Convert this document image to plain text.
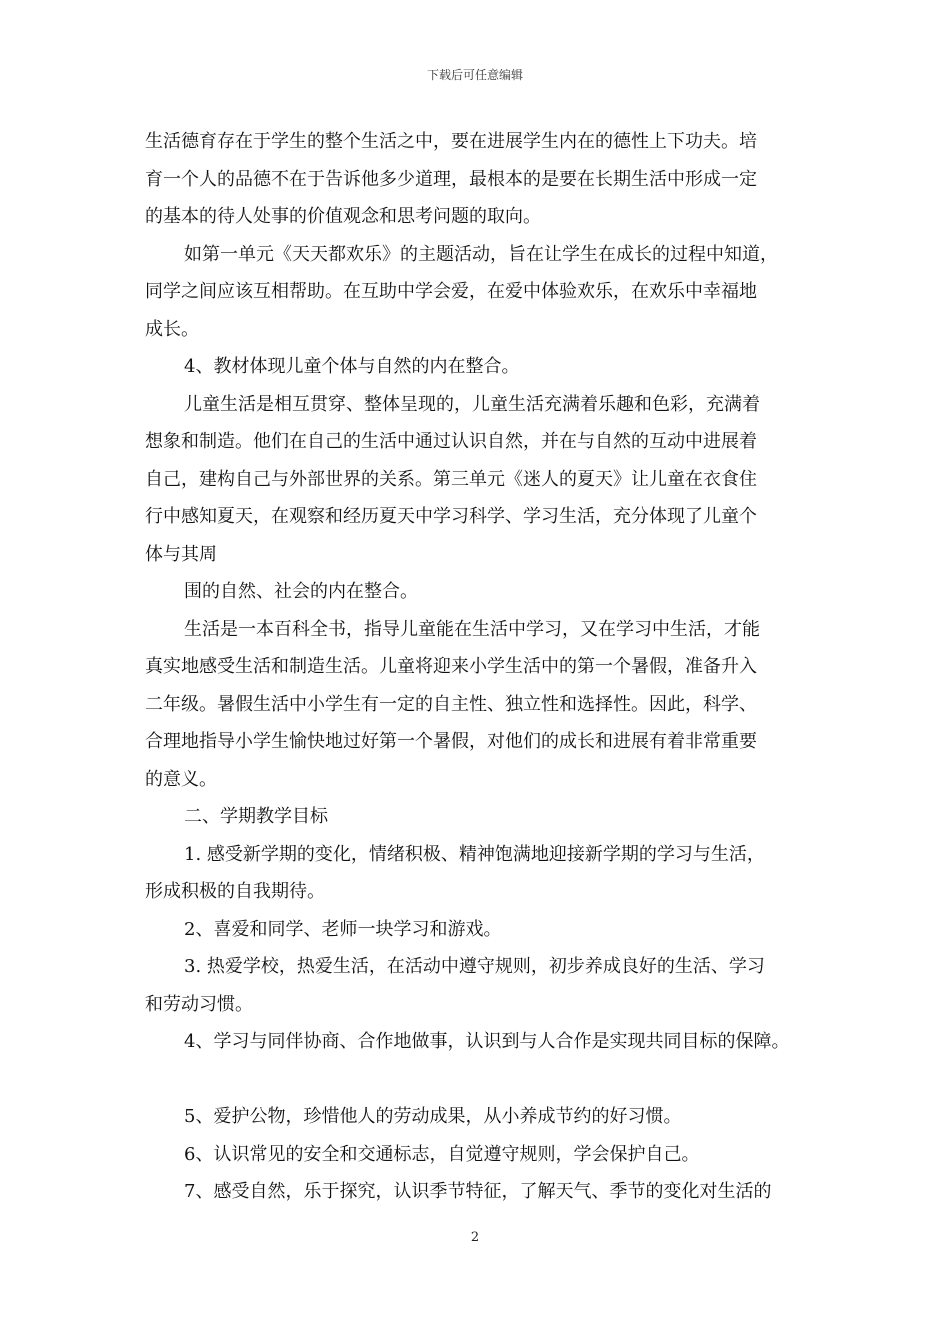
下载后可任意编辑
生活德育存在于学生的整个生活之中，要在进展学生内在的德性上下功夫。培
育一个人的品德不在于告诉他多少道理，最根本的是要在长期生活中形成一定
的基本的待人处事的价值观念和思考问题的取向。
如第一单元《天天都欢乐》的主题活动，旨在让学生在成长的过程中知道，
同学之间应该互相帮助。在互助中学会爱，在爱中体验欢乐，在欢乐中幸福地
成长。
4、教材体现儿童个体与自然的内在整合。
儿童生活是相互贯穿、整体呈现的，儿童生活充满着乐趣和色彩，充满着
想象和制造。他们在自己的生活中通过认识自然，并在与自然的互动中进展着
自己，建构自己与外部世界的关系。第三单元《迷人的夏天》让儿童在衣食住
行中感知夏天，在观察和经历夏天中学习科学、学习生活，充分体现了儿童个
体与其周
围的自然、社会的内在整合。
生活是一本百科全书，指导儿童能在生活中学习，又在学习中生活，才能
真实地感受生活和制造生活。儿童将迎来小学生活中的第一个暑假，准备升入
二年级。暑假生活中小学生有一定的自主性、独立性和选择性。因此，科学、
合理地指导小学生愉快地过好第一个暑假，对他们的成长和进展有着非常重要
的意义。
二、学期教学目标
1. 感受新学期的变化，情绪积极、精神饱满地迎接新学期的学习与生活，
形成积极的自我期待。
2、喜爱和同学、老师一块学习和游戏。
3. 热爱学校，热爱生活，在活动中遵守规则，初步养成良好的生活、学习
和劳动习惯。
4、学习与同伴协商、合作地做事，认识到与人合作是实现共同目标的保障。
5、爱护公物，珍惜他人的劳动成果，从小养成节约的好习惯。
6、认识常见的安全和交通标志，自觉遵守规则，学会保护自己。
7、感受自然，乐于探究，认识季节特征，了解天气、季节的变化对生活的
2
